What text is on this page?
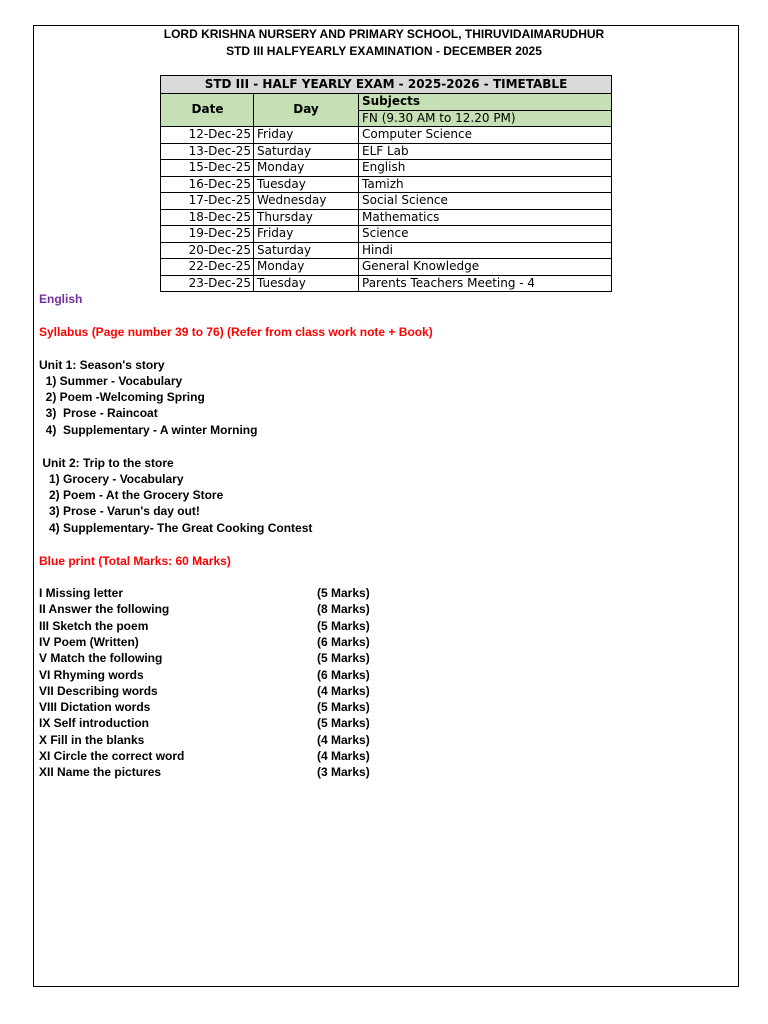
LORD KRISHNA NURSERY AND PRIMARY SCHOOL, THIRUVIDAIMARUDHUR
STD III HALFYEARLY EXAMINATION - DECEMBER 2025
STD III - HALF YEARLY EXAM - 2025-2026 - TIMETABLE		
Date	Day	Subjects
		FN (9.30 AM to 12.20 PM)
12-Dec-25	Friday	Computer Science
13-Dec-25	Saturday	ELF Lab
15-Dec-25	Monday	English
16-Dec-25	Tuesday	Tamizh
17-Dec-25	Wednesday	Social Science
18-Dec-25	Thursday	Mathematics
19-Dec-25	Friday	Science
20-Dec-25	Saturday	Hindi
22-Dec-25	Monday	General Knowledge
23-Dec-25	Tuesday	Parents Teachers Meeting - 4
English
Syllabus (Page number 39 to 76) (Refer from class work note + Book)
Unit 1: Season's story
1) Summer - Vocabulary
2) Poem -Welcoming Spring
3)  Prose - Raincoat
4)  Supplementary - A winter Morning
Unit 2: Trip to the store
1) Grocery - Vocabulary
2) Poem - At the Grocery Store
3) Prose - Varun's day out!
4) Supplementary- The Great Cooking Contest
Blue print (Total Marks: 60 Marks)
I Missing letter	(5 Marks)
II Answer the following	(8 Marks)
III Sketch the poem	(5 Marks)
IV Poem (Written)	(6 Marks)
V Match the following	(5 Marks)
VI Rhyming words	(6 Marks)
VII Describing words	(4 Marks)
VIII Dictation words	(5 Marks)
IX Self introduction	(5 Marks)
X Fill in the blanks	(4 Marks)
XI Circle the correct word	(4 Marks)
XII Name the pictures	(3 Marks)
